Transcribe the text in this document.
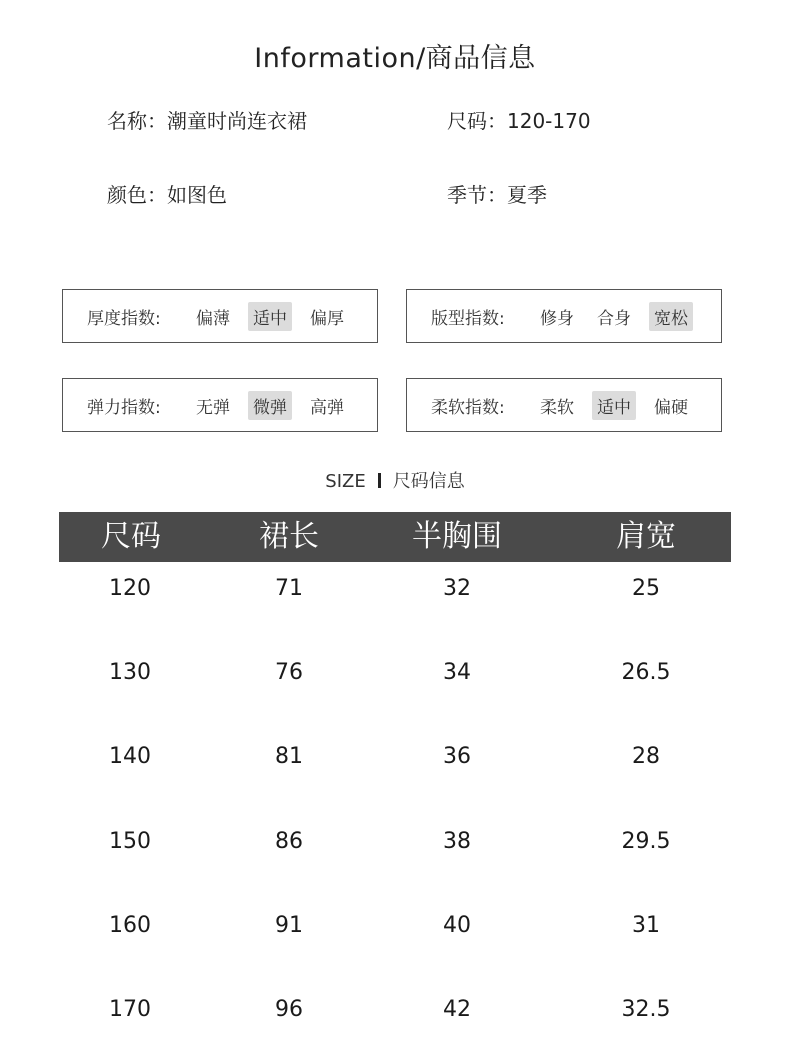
Information/商品信息
名称：潮童时尚连衣裙	尺码：120-170
颜色：如图色	季节：夏季
厚度指数:	偏薄 适中 偏厚	版型指数:	修身 合身 宽松
弹力指数:	无弹 微弹 高弹	柔软指数:	柔软 适中 偏硬
SIZE 尺码信息
尺码	裙长	半胸围	肩宽
120	71	32	25
130	76	34	26.5
140	81	36	28
150	86	38	29.5
160	91	40	31
170	96	42	32.5
